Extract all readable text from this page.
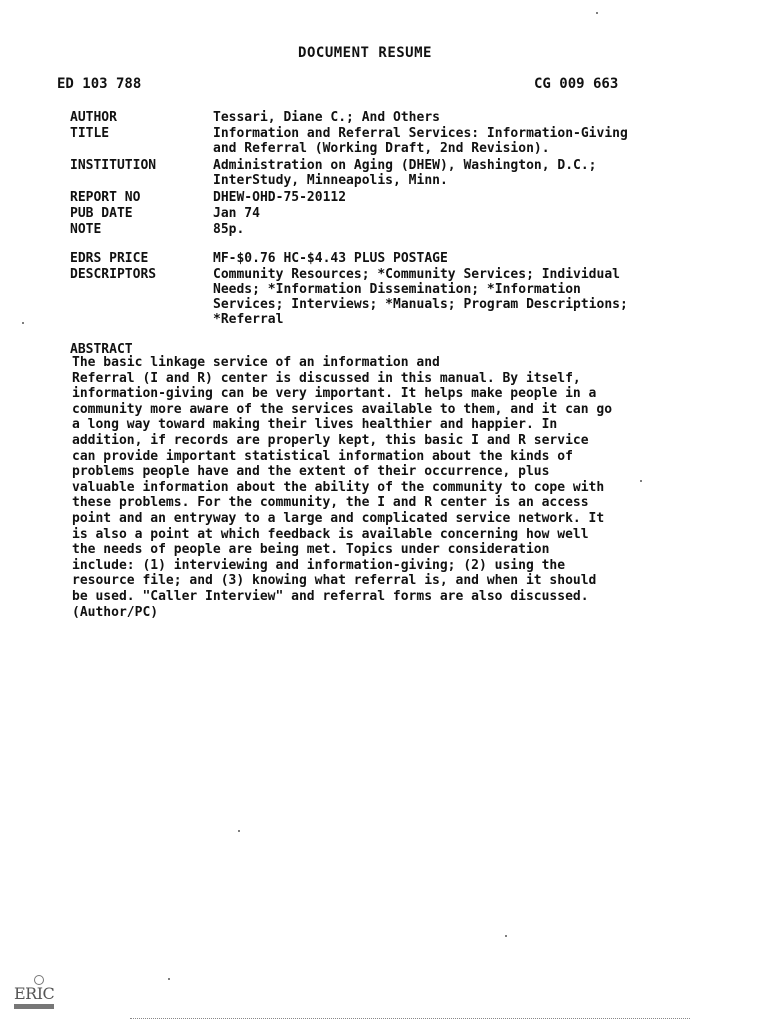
DOCUMENT RESUME
ED 103 788	CG 009 663
AUTHOR	Tessari, Diane C.; And Others
TITLE	Information and Referral Services: Information-Giving
and Referral (Working Draft, 2nd Revision).
INSTITUTION	Administration on Aging (DHEW), Washington, D.C.;
InterStudy, Minneapolis, Minn.
REPORT NO	DHEW-OHD-75-20112
PUB DATE	Jan 74
NOTE	85p.
EDRS PRICE	MF-$0.76 HC-$4.43 PLUS POSTAGE
DESCRIPTORS	Community Resources; *Community Services; Individual
Needs; *Information Dissemination; *Information
Services; Interviews; *Manuals; Program Descriptions;
*Referral
ABSTRACT
The basic linkage service of an information and
Referral (I and R) center is discussed in this manual. By itself,
information-giving can be very important. It helps make people in a
community more aware of the services available to them, and it can go
a long way toward making their lives healthier and happier. In
addition, if records are properly kept, this basic I and R service
can provide important statistical information about the kinds of
problems people have and the extent of their occurrence, plus
valuable information about the ability of the community to cope with
these problems. For the community, the I and R center is an access
point and an entryway to a large and complicated service network. It
is also a point at which feedback is available concerning how well
the needs of people are being met. Topics under consideration
include: (1) interviewing and information-giving; (2) using the
resource file; and (3) knowing what referral is, and when it should
be used. "Caller Interview" and referral forms are also discussed.
(Author/PC)
ERIC
